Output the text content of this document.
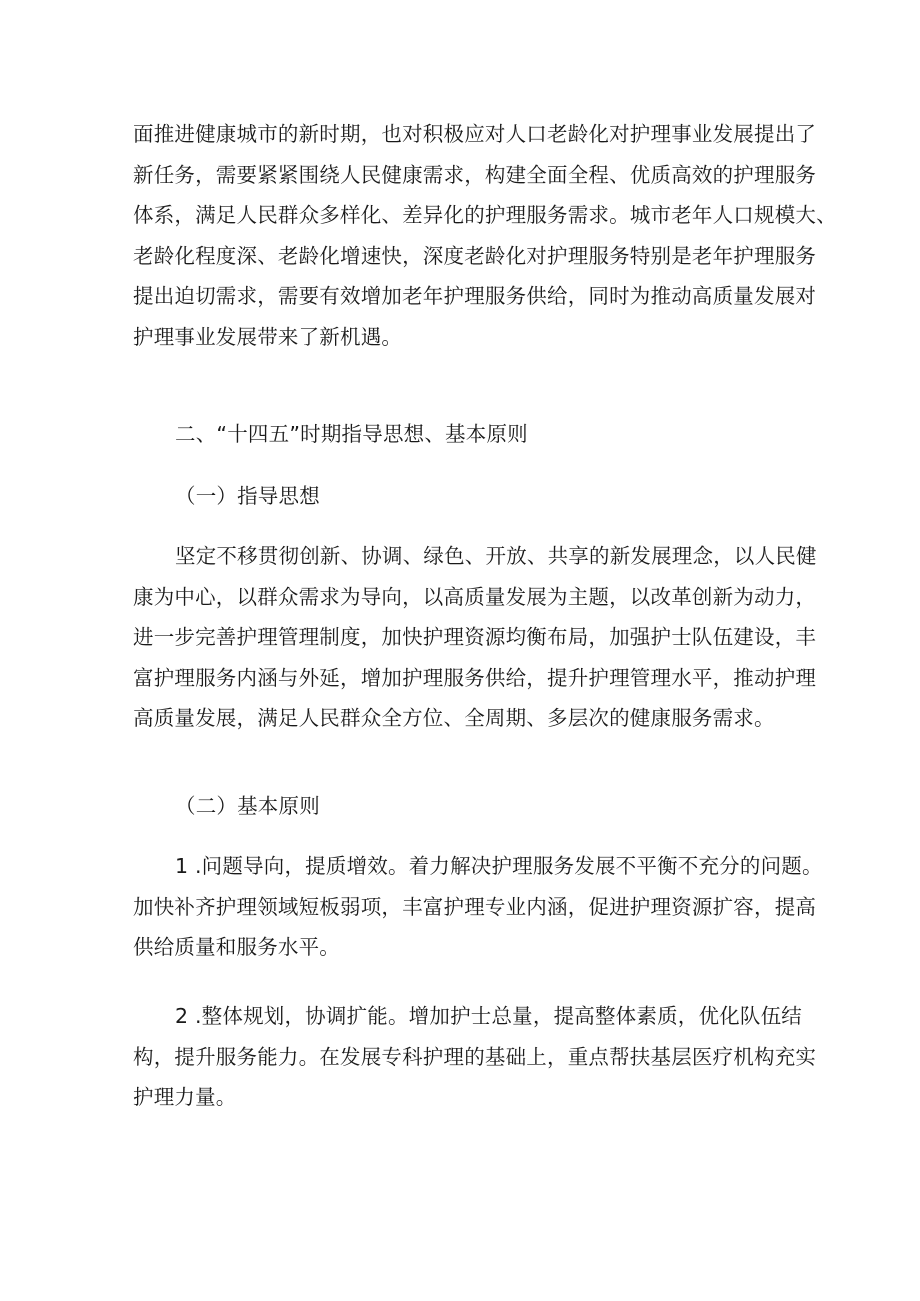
面推进健康城市的新时期，也对积极应对人口老龄化对护理事业发展提出了
新任务，需要紧紧围绕人民健康需求，构建全面全程、优质高效的护理服务
体系，满足人民群众多样化、差异化的护理服务需求。城市老年人口规模大、
老龄化程度深、老龄化增速快，深度老龄化对护理服务特别是老年护理服务
提出迫切需求，需要有效增加老年护理服务供给，同时为推动高质量发展对
护理事业发展带来了新机遇。
二、“十四五”时期指导思想、基本原则
（一）指导思想
坚定不移贯彻创新、协调、绿色、开放、共享的新发展理念，以人民健
康为中心，以群众需求为导向，以高质量发展为主题，以改革创新为动力，
进一步完善护理管理制度，加快护理资源均衡布局，加强护士队伍建设，丰
富护理服务内涵与外延，增加护理服务供给，提升护理管理水平，推动护理
高质量发展，满足人民群众全方位、全周期、多层次的健康服务需求。
（二）基本原则
1 .问题导向，提质增效。着力解决护理服务发展不平衡不充分的问题。
加快补齐护理领域短板弱项，丰富护理专业内涵，促进护理资源扩容，提高
供给质量和服务水平。
2 .整体规划，协调扩能。增加护士总量，提高整体素质，优化队伍结
构，提升服务能力。在发展专科护理的基础上，重点帮扶基层医疗机构充实
护理力量。
